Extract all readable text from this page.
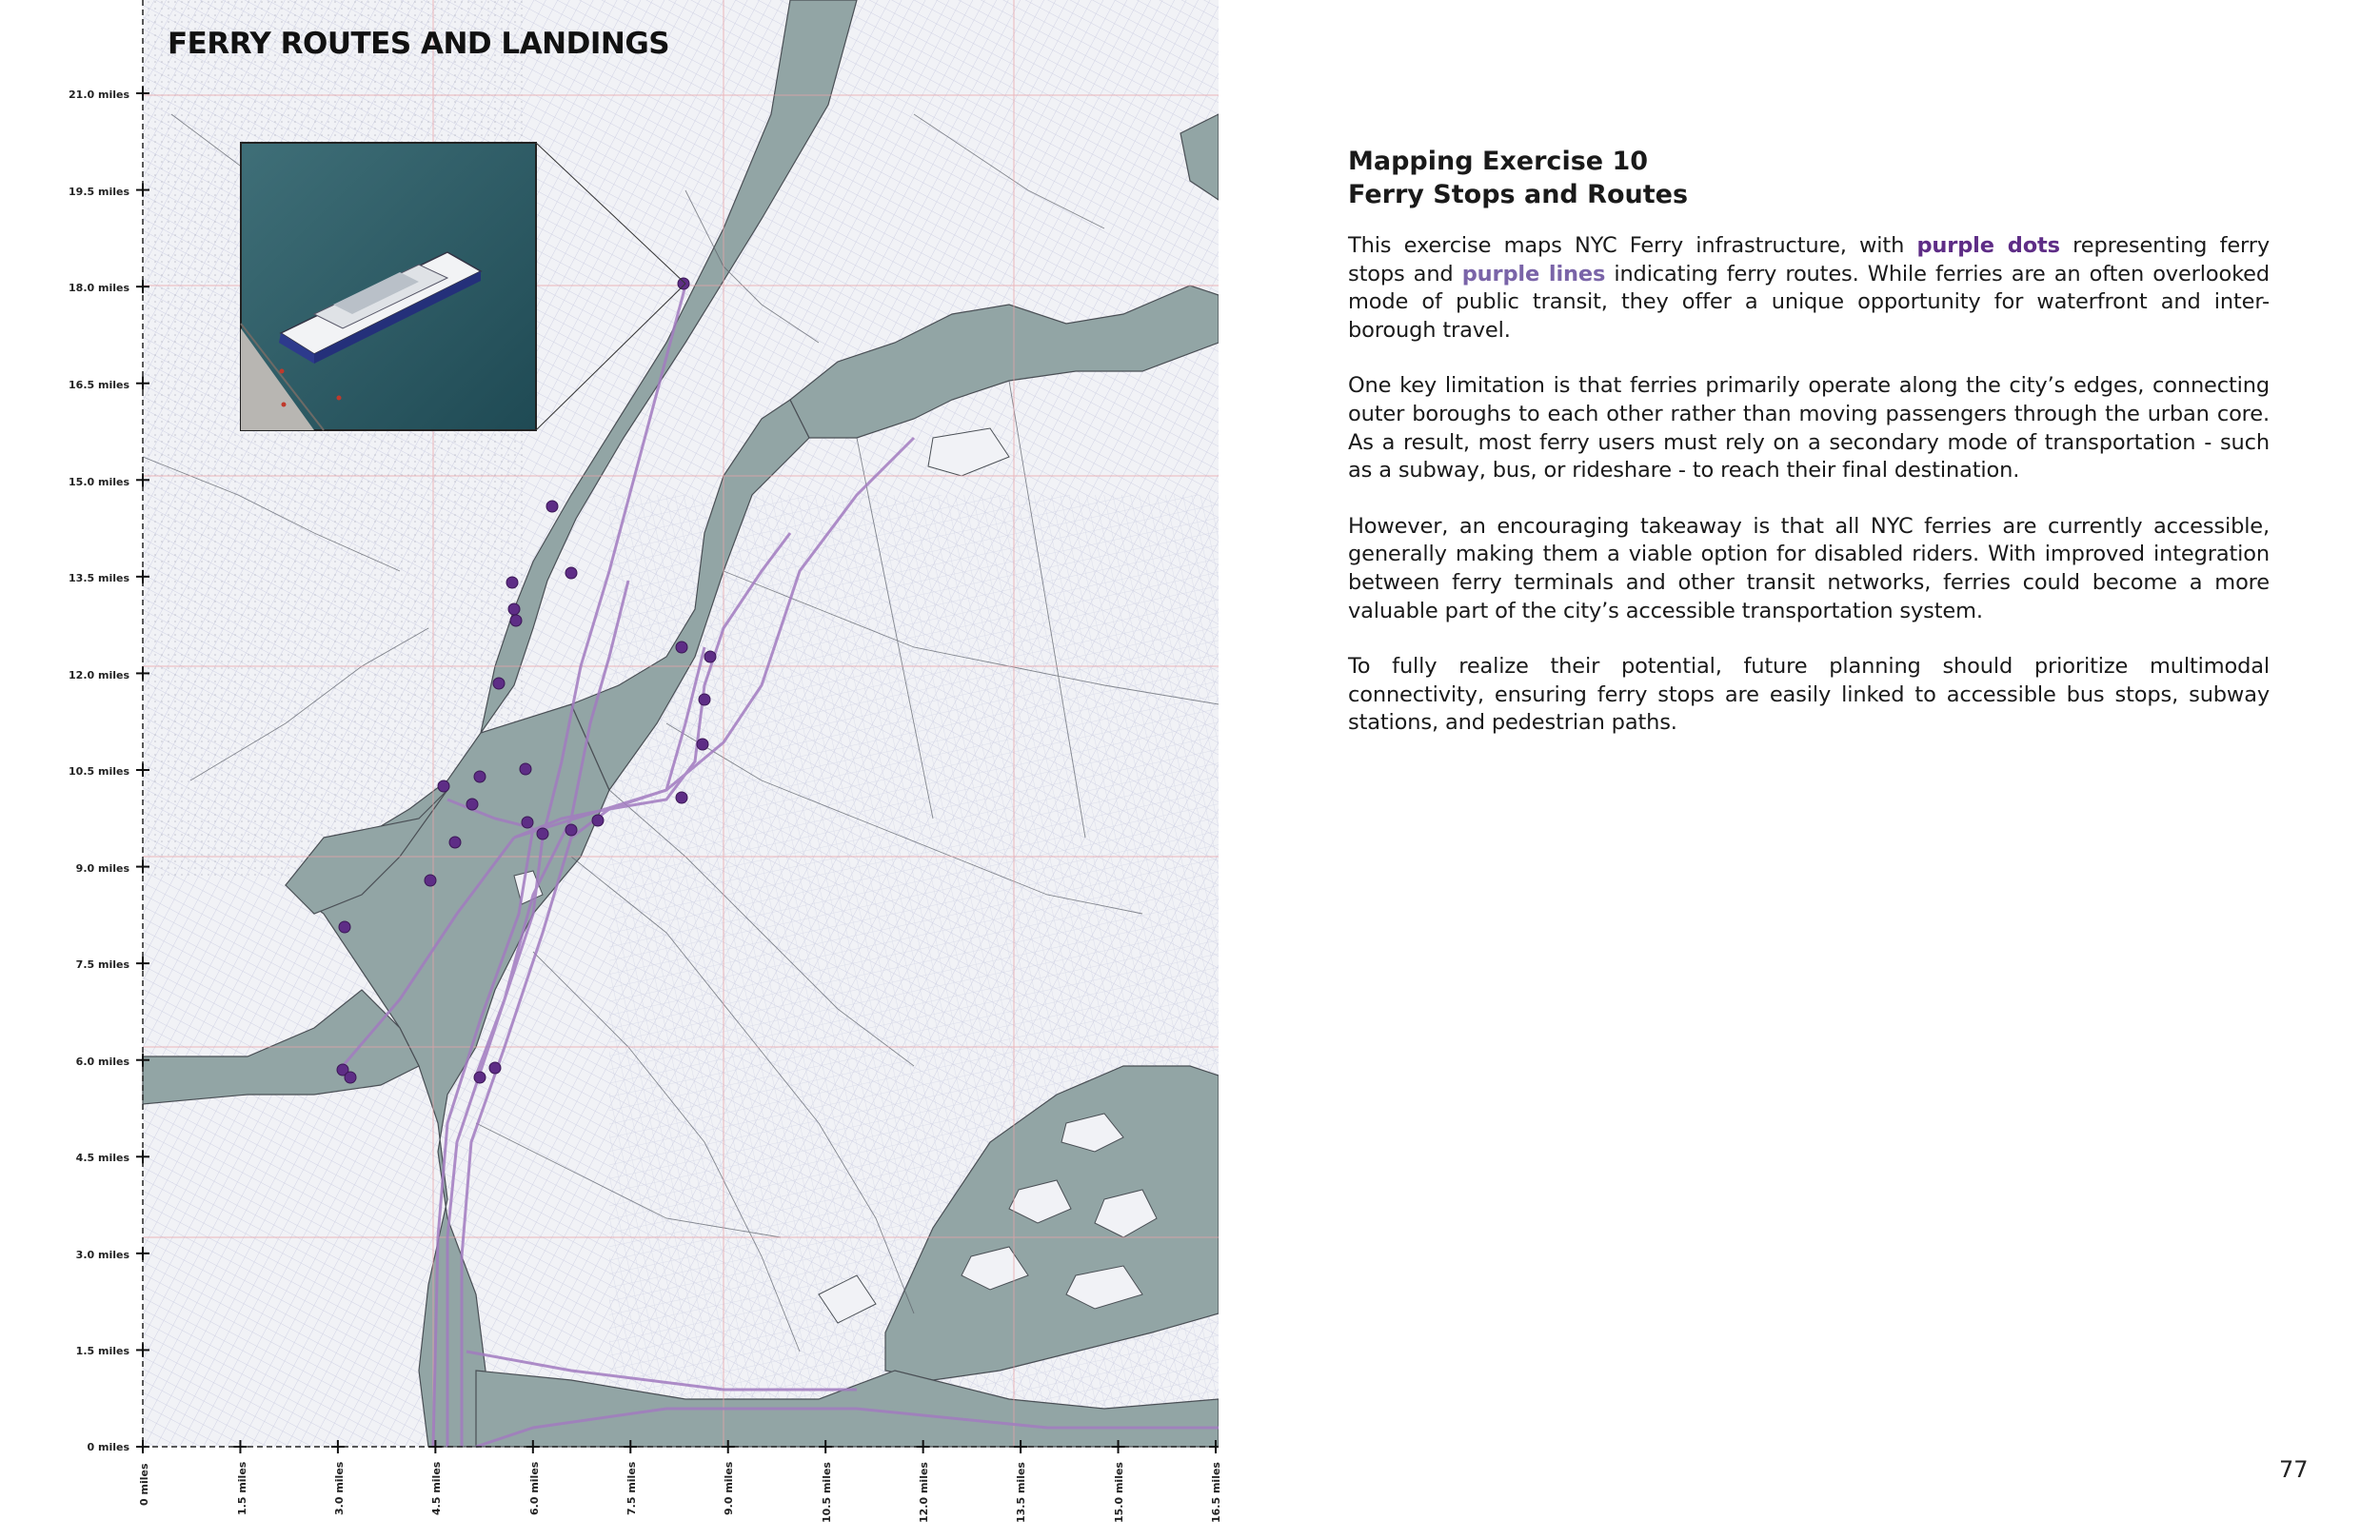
FERRY ROUTES AND LANDINGS
21.0 miles
19.5 miles
18.0 miles
16.5 miles
15.0 miles
13.5 miles
12.0 miles
10.5 miles
9.0 miles
7.5 miles
6.0 miles
4.5 miles
3.0 miles
1.5 miles
0 miles
0 miles	1.5 miles	3.0 miles	4.5 miles	6.0 miles	7.5 miles	9.0 miles	10.5 miles	12.0 miles	13.5 miles	15.0 miles	16.5 miles
Mapping Exercise 10
Ferry Stops and Routes

This exercise maps NYC Ferry infrastructure, with purple dots representing ferry stops and purple lines indicating ferry routes. While ferries are an often overlooked mode of public transit, they offer a unique opportunity for waterfront and inter-borough travel.

One key limitation is that ferries primarily operate along the city’s edges, connecting outer boroughs to each other rather than moving passengers through the urban core. As a result, most ferry users must rely on a secondary mode of transportation - such as a subway, bus, or rideshare - to reach their final destination.

However, an encouraging takeaway is that all NYC ferries are currently accessible, generally making them a viable option for disabled riders. With improved integration between ferry terminals and other transit networks, ferries could become a more valuable part of the city’s accessible transportation system.

To fully realize their potential, future planning should prioritize multimodal connectivity, ensuring ferry stops are easily linked to accessible bus stops, subway stations, and pedestrian paths.

77
